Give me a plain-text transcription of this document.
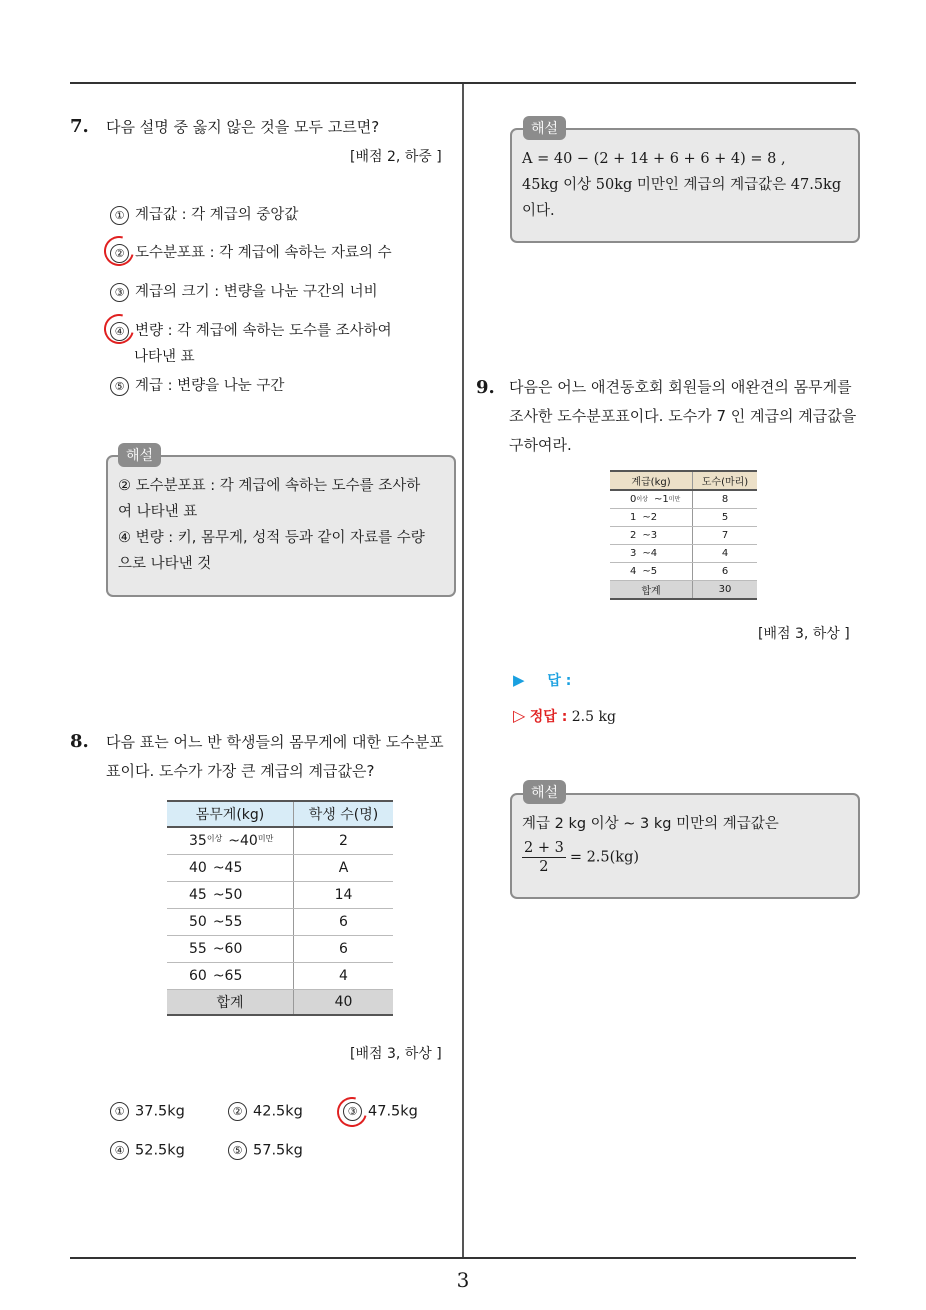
3
7. 다음 설명 중 옳지 않은 것을 모두 고르면?
[배점 2, 하중 ]
① 계급값 : 각 계급의 중앙값
② 도수분포표 : 각 계급에 속하는 자료의 수
③ 계급의 크기 : 변량을 나눈 구간의 너비
④ 변량 : 각 계급에 속하는 도수를 조사하여
나타낸 표
⑤ 계급 : 변량을 나눈 구간
해설
② 도수분포표 : 각 계급에 속하는 도수를 조사하
여 나타낸 표
④ 변량 : 키, 몸무게, 성적 등과 같이 자료를 수량
으로 나타낸 것
8. 다음 표는 어느 반 학생들의 몸무게에 대한 도수분포
표이다. 도수가 가장 큰 계급의 계급값은?
몸무게(kg)	학생 수(명)
$35^{이상}$ $\sim 40^{미만}$	2
40 ~45	A
45 ~50	14
50 ~55	6
55 ~60	6
60 ~65	4
합계	40
[배점 3, 하상 ]
① 37.5kg	② 42.5kg	③ 47.5kg
④ 52.5kg	⑤ 57.5kg
해설
A = 40 − (2 + 14 + 6 + 6 + 4) = 8 ,
45kg 이상 50kg 미만인 계급의 계급값은 47.5kg
이다.
9. 다음은 어느 애견동호회 회원들의 애완견의 몸무게를
조사한 도수분포표이다. 도수가 7 인 계급의 계급값을
구하여라.
계급(kg)	도수(마리)
$0^{이상}$ $\sim 1^{미만}$	8
1 ~2	5
2 ~3	7
3 ~4	4
4 ~5	6
합계	30
[배점 3, 하상 ]
▶ 답 :
▷ 정답 : 2.5 kg
해설
계급 2 kg 이상 ∼ 3 kg 미만의 계급값은
$\frac{2 + 3}{2} = 2.5(kg)$
